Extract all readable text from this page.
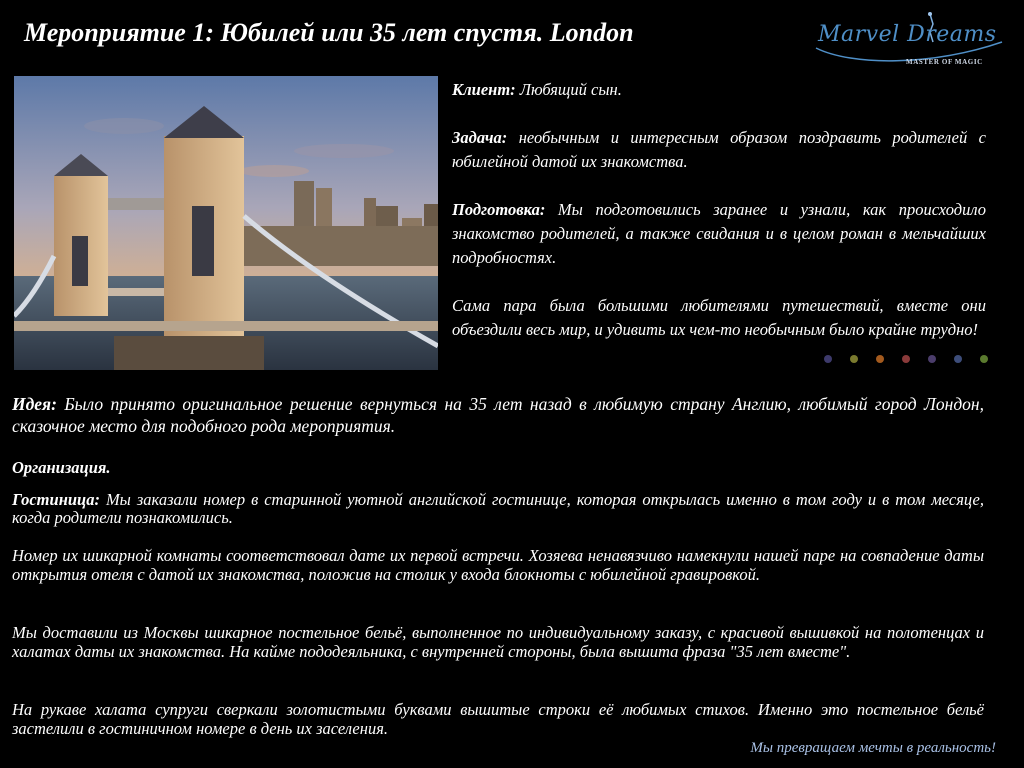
Мероприятие 1: Юбилей или 35 лет спустя. London	Marvel Dreams
MASTER OF MAGIC

Клиент: Любящий сын.

Задача: необычным и интересным образом поздравить родителей с юбилейной датой их знакомства.

Подготовка: Мы подготовились заранее и узнали, как происходило знакомство родителей, а также свидания и в целом роман в мельчайших подробностях.

Сама пара была большими любителями путешествий, вместе они объездили весь мир, и удивить их чем-то необычным было крайне трудно!

Идея: Было принято оригинальное решение вернуться на 35 лет назад в любимую страну Англию, любимый город Лондон, сказочное место для подобного рода мероприятия.
Организация.
Гостиница: Мы заказали номер в старинной уютной английской гостинице, которая открылась именно в том году и в том месяце, когда родители познакомились.
Номер их шикарной комнаты соответствовал дате их первой встречи. Хозяева ненавязчиво намекнули нашей паре на совпадение даты открытия отеля с датой их знакомства, положив на столик у входа блокноты с юбилейной гравировкой.
Мы доставили из Москвы шикарное постельное бельё, выполненное по индивидуальному заказу, с красивой вышивкой на полотенцах и халатах даты их знакомства. На кайме пододеяльника, с внутренней стороны, была вышита фраза "35 лет вместе".
На рукаве халата супруги сверкали золотистыми буквами вышитые строки её любимых стихов. Именно это постельное бельё застелили в гостиничном номере в день их заселения.
Мы превращаем мечты в реальность!
